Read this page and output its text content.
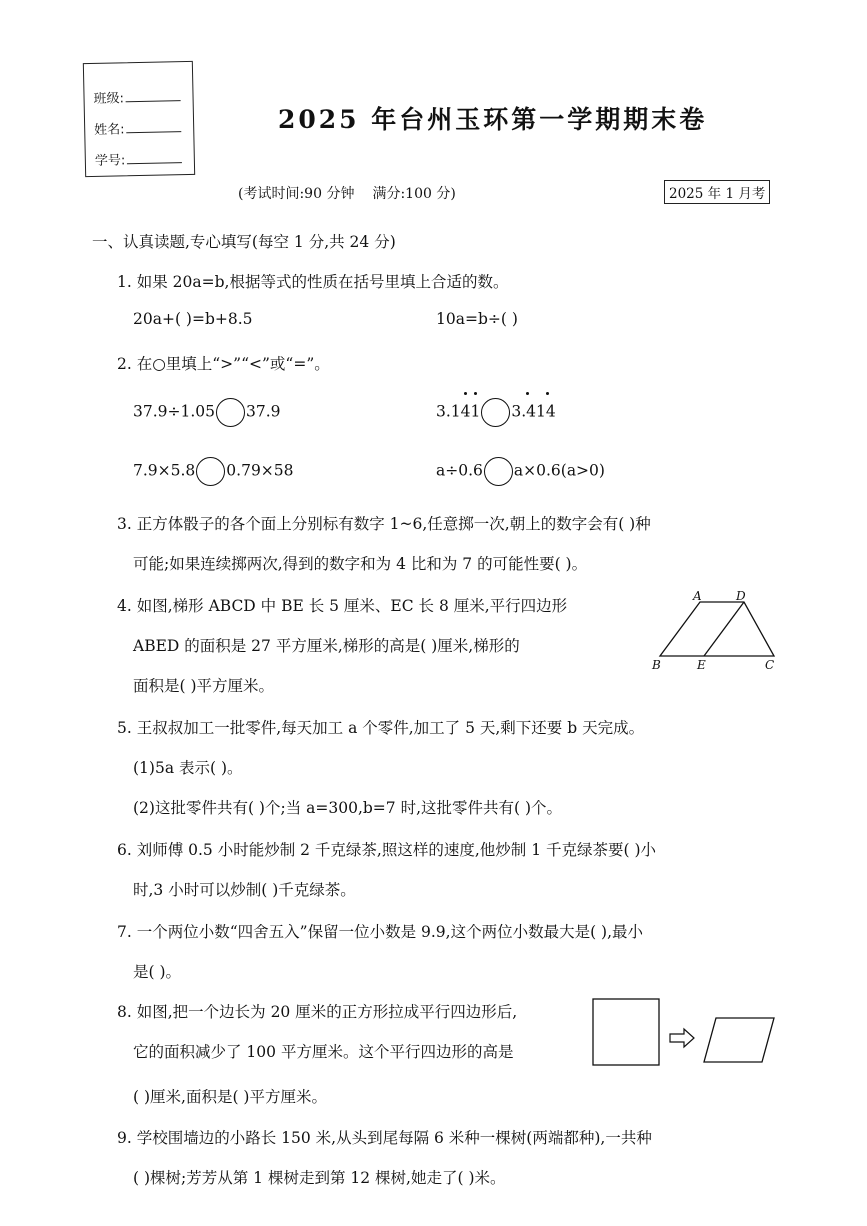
班级:
姓名:
学号:
2025 年台州玉环第一学期期末卷
(考试时间:90 分钟 满分:100 分)	2025 年 1 月考
一、认真读题,专心填写(每空 1 分,共 24 分)
1. 如果 20a=b,根据等式的性质在括号里填上合适的数。
20a+( )=b+8.5	10a=b÷( )
2. 在○里填上“>”“<”或“=”。
37.9÷1.05 37.9	3.141 3.414
7.9×5.8 0.79×58	a÷0.6 a×0.6(a>0)
3. 正方体骰子的各个面上分别标有数字 1~6,任意掷一次,朝上的数字会有( )种
可能;如果连续掷两次,得到的数字和为 4 比和为 7 的可能性要( )。
4. 如图,梯形 ABCD 中 BE 长 5 厘米、EC 长 8 厘米,平行四边形
ABED 的面积是 27 平方厘米,梯形的高是( )厘米,梯形的
面积是( )平方厘米。
A	D
B	E	C
5. 王叔叔加工一批零件,每天加工 a 个零件,加工了 5 天,剩下还要 b 天完成。
(1)5a 表示( )。
(2)这批零件共有( )个;当 a=300,b=7 时,这批零件共有( )个。
6. 刘师傅 0.5 小时能炒制 2 千克绿茶,照这样的速度,他炒制 1 千克绿茶要( )小
时,3 小时可以炒制( )千克绿茶。
7. 一个两位小数“四舍五入”保留一位小数是 9.9,这个两位小数最大是( ),最小
是( )。
8. 如图,把一个边长为 20 厘米的正方形拉成平行四边形后,
它的面积减少了 100 平方厘米。这个平行四边形的高是
( )厘米,面积是( )平方厘米。
9. 学校围墙边的小路长 150 米,从头到尾每隔 6 米种一棵树(两端都种),一共种
( )棵树;芳芳从第 1 棵树走到第 12 棵树,她走了( )米。
